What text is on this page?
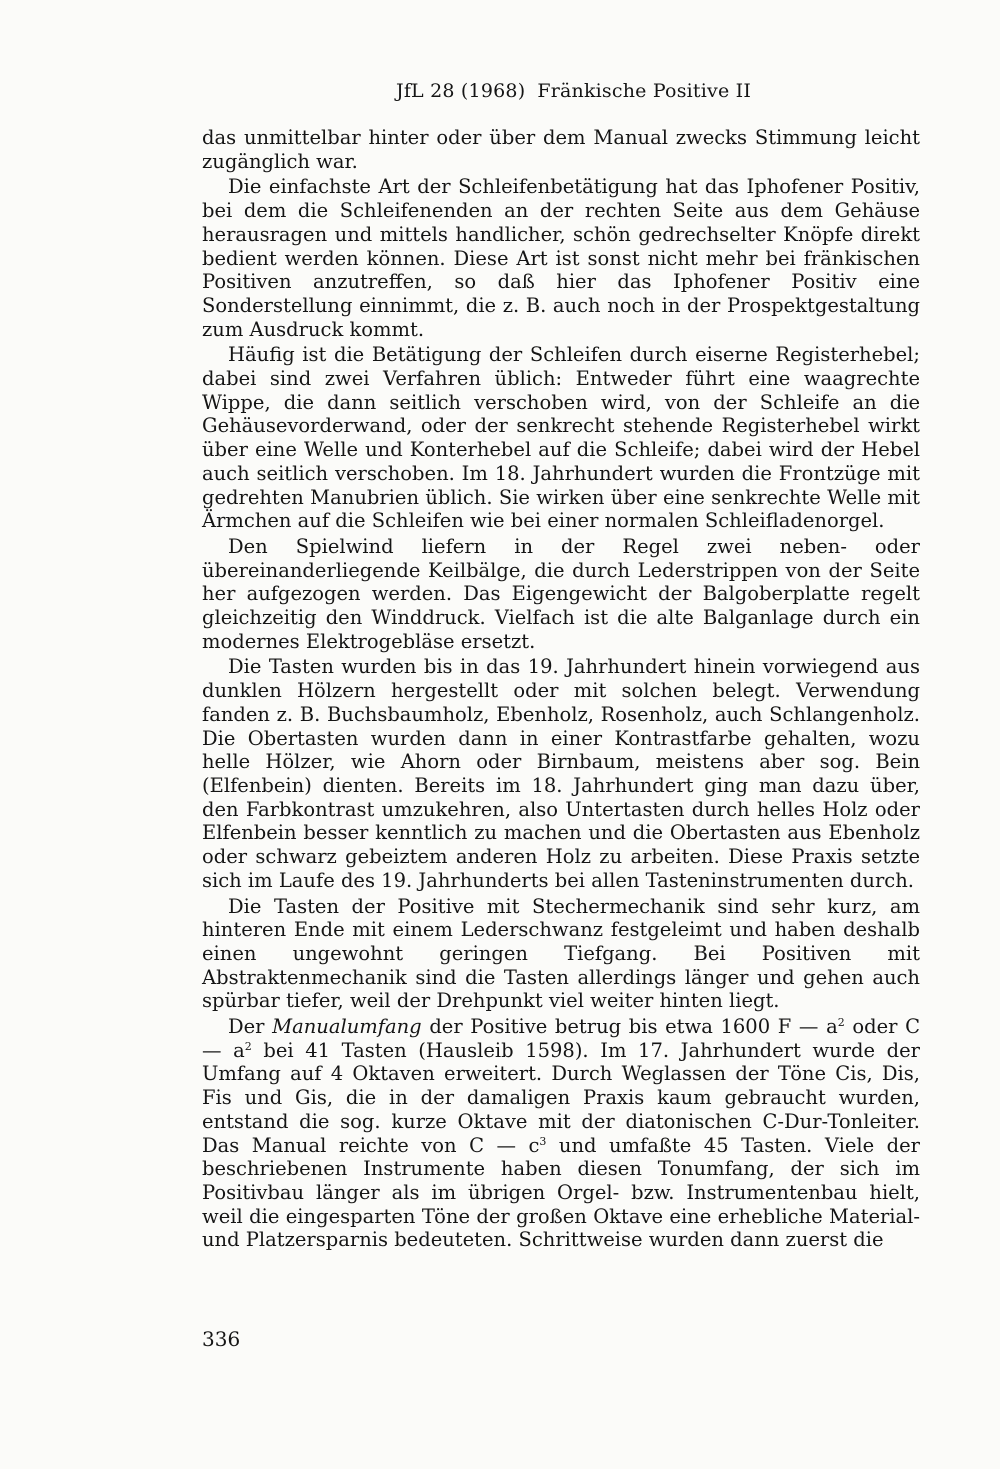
JfL 28 (1968) Fränkische Positive II

das unmittelbar hinter oder über dem Manual zwecks Stimmung leicht zugänglich war.

Die einfachste Art der Schleifenbetätigung hat das Iphofener Positiv, bei dem die Schleifenenden an der rechten Seite aus dem Gehäuse herausragen und mittels handlicher, schön gedrechselter Knöpfe direkt bedient werden können. Diese Art ist sonst nicht mehr bei fränkischen Positiven anzutreffen, so daß hier das Iphofener Positiv eine Sonderstellung einnimmt, die z. B. auch noch in der Prospektgestaltung zum Ausdruck kommt.

Häufig ist die Betätigung der Schleifen durch eiserne Registerhebel; dabei sind zwei Verfahren üblich: Entweder führt eine waagrechte Wippe, die dann seitlich verschoben wird, von der Schleife an die Gehäusevorderwand, oder der senkrecht stehende Registerhebel wirkt über eine Welle und Konterhebel auf die Schleife; dabei wird der Hebel auch seitlich verschoben. Im 18. Jahrhundert wurden die Frontzüge mit gedrehten Manubrien üblich. Sie wirken über eine senkrechte Welle mit Ärmchen auf die Schleifen wie bei einer normalen Schleifladenorgel.

Den Spielwind liefern in der Regel zwei neben- oder übereinanderliegende Keilbälge, die durch Lederstrippen von der Seite her aufgezogen werden. Das Eigengewicht der Balgoberplatte regelt gleichzeitig den Winddruck. Vielfach ist die alte Balganlage durch ein modernes Elektrogebläse ersetzt.

Die Tasten wurden bis in das 19. Jahrhundert hinein vorwiegend aus dunklen Hölzern hergestellt oder mit solchen belegt. Verwendung fanden z. B. Buchsbaumholz, Ebenholz, Rosenholz, auch Schlangenholz. Die Obertasten wurden dann in einer Kontrastfarbe gehalten, wozu helle Hölzer, wie Ahorn oder Birnbaum, meistens aber sog. Bein (Elfenbein) dienten. Bereits im 18. Jahrhundert ging man dazu über, den Farbkontrast umzukehren, also Untertasten durch helles Holz oder Elfenbein besser kenntlich zu machen und die Obertasten aus Ebenholz oder schwarz gebeiztem anderen Holz zu arbeiten. Diese Praxis setzte sich im Laufe des 19. Jahrhunderts bei allen Tasteninstrumenten durch.

Die Tasten der Positive mit Stechermechanik sind sehr kurz, am hinteren Ende mit einem Lederschwanz festgeleimt und haben deshalb einen ungewohnt geringen Tiefgang. Bei Positiven mit Abstraktenmechanik sind die Tasten allerdings länger und gehen auch spürbar tiefer, weil der Drehpunkt viel weiter hinten liegt.

Der Manualumfang der Positive betrug bis etwa 1600 F — $a^2$ oder C — $a^2$ bei 41 Tasten (Hausleib 1598). Im 17. Jahrhundert wurde der Umfang auf 4 Oktaven erweitert. Durch Weglassen der Töne Cis, Dis, Fis und Gis, die in der damaligen Praxis kaum gebraucht wurden, entstand die sog. kurze Oktave mit der diatonischen C-Dur-Tonleiter. Das Manual reichte von C — $c^3$ und umfaßte 45 Tasten. Viele der beschriebenen Instrumente haben diesen Tonumfang, der sich im Positivbau länger als im übrigen Orgel- bzw. Instrumentenbau hielt, weil die eingesparten Töne der großen Oktave eine erhebliche Material- und Platzersparnis bedeuteten. Schrittweise wurden dann zuerst die

336
